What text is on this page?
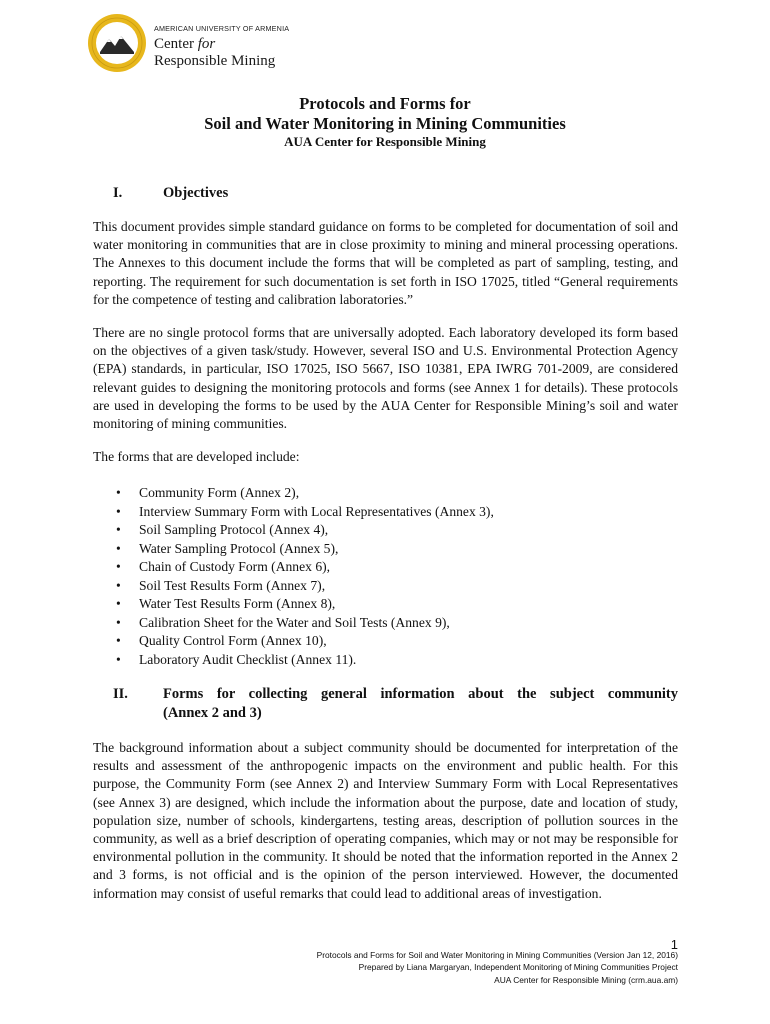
AMERICAN UNIVERSITY OF ARMENIA
Center for
Responsible Mining
Protocols and Forms for
Soil and Water Monitoring in Mining Communities
AUA Center for Responsible Mining
I.	Objectives
This document provides simple standard guidance on forms to be completed for documentation of soil and water monitoring in communities that are in close proximity to mining and mineral processing operations. The Annexes to this document include the forms that will be completed as part of sampling, testing, and reporting. The requirement for such documentation is set forth in ISO 17025, titled “General requirements for the competence of testing and calibration laboratories.”
There are no single protocol forms that are universally adopted. Each laboratory developed its form based on the objectives of a given task/study. However, several ISO and U.S. Environmental Protection Agency (EPA) standards, in particular, ISO 17025, ISO 5667, ISO 10381, EPA IWRG 701-2009, are considered relevant guides to designing the monitoring protocols and forms (see Annex 1 for details). These protocols are used in developing the forms to be used by the AUA Center for Responsible Mining’s soil and water monitoring of mining communities.
The forms that are developed include:
• Community Form (Annex 2),
• Interview Summary Form with Local Representatives (Annex 3),
• Soil Sampling Protocol (Annex 4),
• Water Sampling Protocol (Annex 5),
• Chain of Custody Form (Annex 6),
• Soil Test Results Form (Annex 7),
• Water Test Results Form (Annex 8),
• Calibration Sheet for the Water and Soil Tests (Annex 9),
• Quality Control Form (Annex 10),
• Laboratory Audit Checklist (Annex 11).
II. Forms for collecting general information about the subject community
(Annex 2 and 3)
The background information about a subject community should be documented for interpretation of the results and assessment of the anthropogenic impacts on the environment and public health. For this purpose, the Community Form (see Annex 2) and Interview Summary Form with Local Representatives (see Annex 3) are designed, which include the information about the purpose, date and location of study, population size, number of schools, kindergartens, testing areas, description of pollution sources in the community, as well as a brief description of operating companies, which may or not may be responsible for environmental pollution in the community. It should be noted that the information reported in the Annex 2 and 3 forms, is not official and is the opinion of the person interviewed. However, the documented information may consist of useful remarks that could lead to additional areas of investigation.
1
Protocols and Forms for Soil and Water Monitoring in Mining Communities (Version Jan 12, 2016)
Prepared by Liana Margaryan, Independent Monitoring of Mining Communities Project
AUA Center for Responsible Mining (crm.aua.am)
